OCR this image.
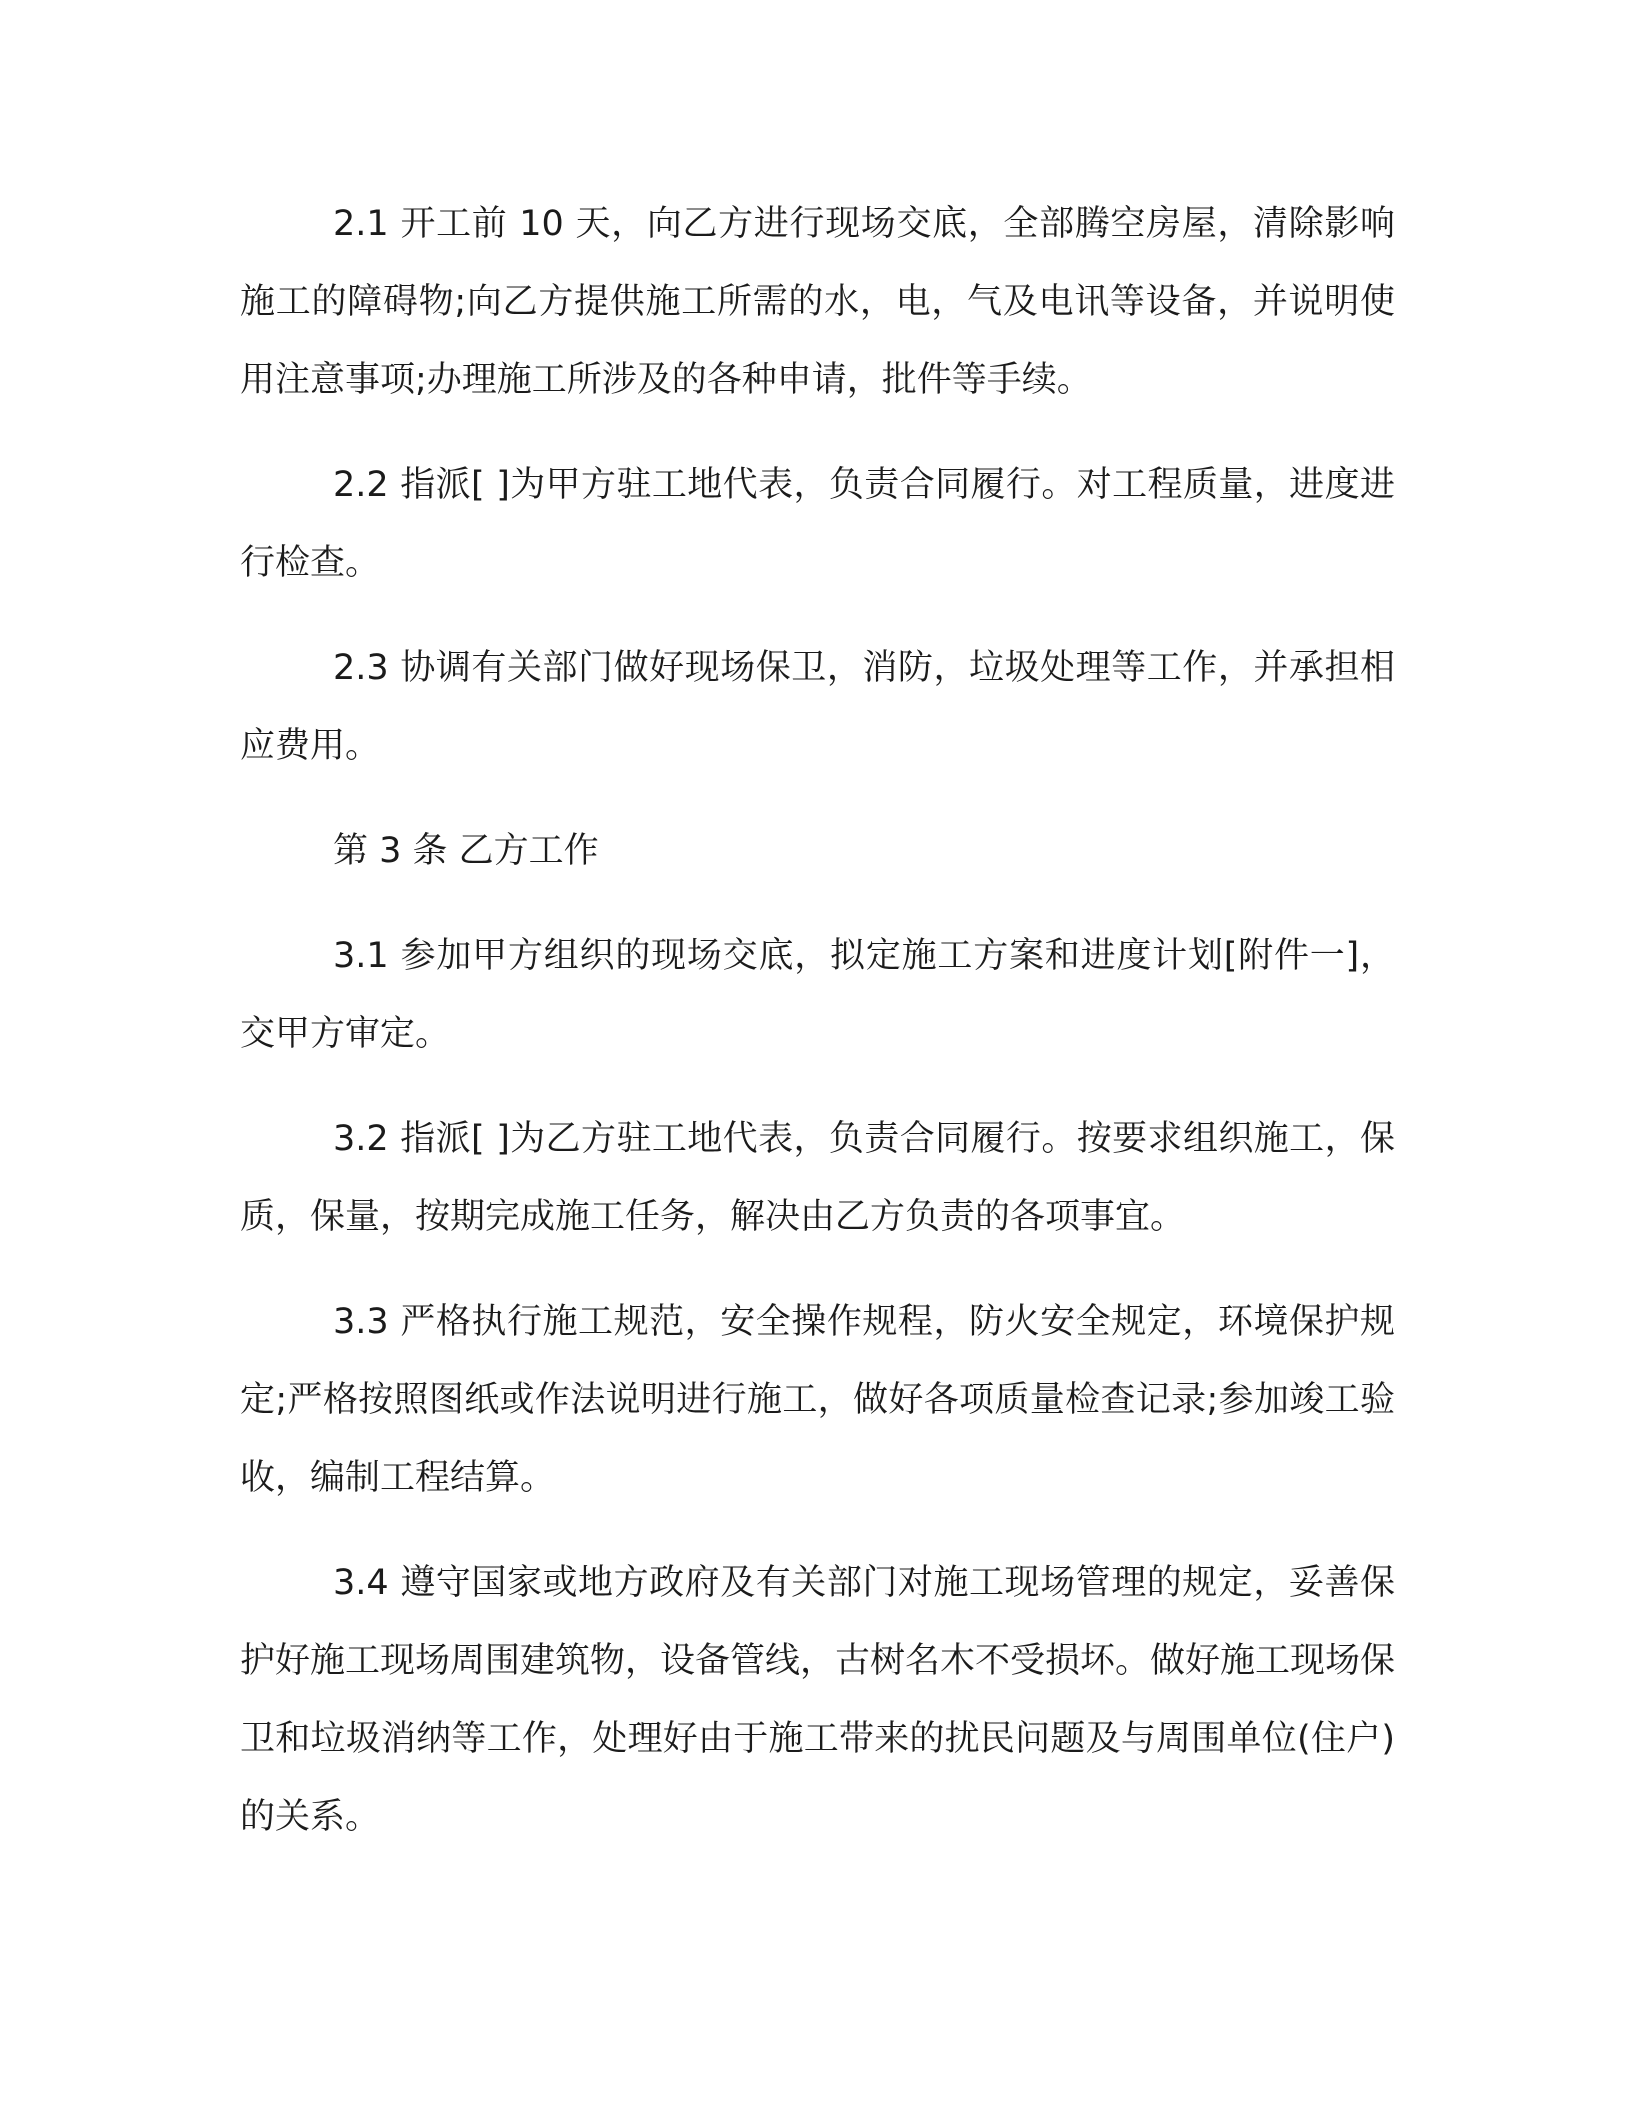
2.1 开工前 10 天，向乙方进行现场交底，全部腾空房屋，清除影响施工的障碍物;向乙方提供施工所需的水，电，气及电讯等设备，并说明使用注意事项;办理施工所涉及的各种申请，批件等手续。

2.2 指派[ ]为甲方驻工地代表，负责合同履行。对工程质量，进度进行检查。

2.3 协调有关部门做好现场保卫，消防，垃圾处理等工作，并承担相应费用。

第 3 条 乙方工作

3.1 参加甲方组织的现场交底，拟定施工方案和进度计划[附件一]，交甲方审定。

3.2 指派[ ]为乙方驻工地代表，负责合同履行。按要求组织施工，保质，保量，按期完成施工任务，解决由乙方负责的各项事宜。

3.3 严格执行施工规范，安全操作规程，防火安全规定，环境保护规定;严格按照图纸或作法说明进行施工，做好各项质量检查记录;参加竣工验收，编制工程结算。

3.4 遵守国家或地方政府及有关部门对施工现场管理的规定，妥善保护好施工现场周围建筑物，设备管线，古树名木不受损坏。做好施工现场保卫和垃圾消纳等工作，处理好由于施工带来的扰民问题及与周围单位(住户)的关系。
